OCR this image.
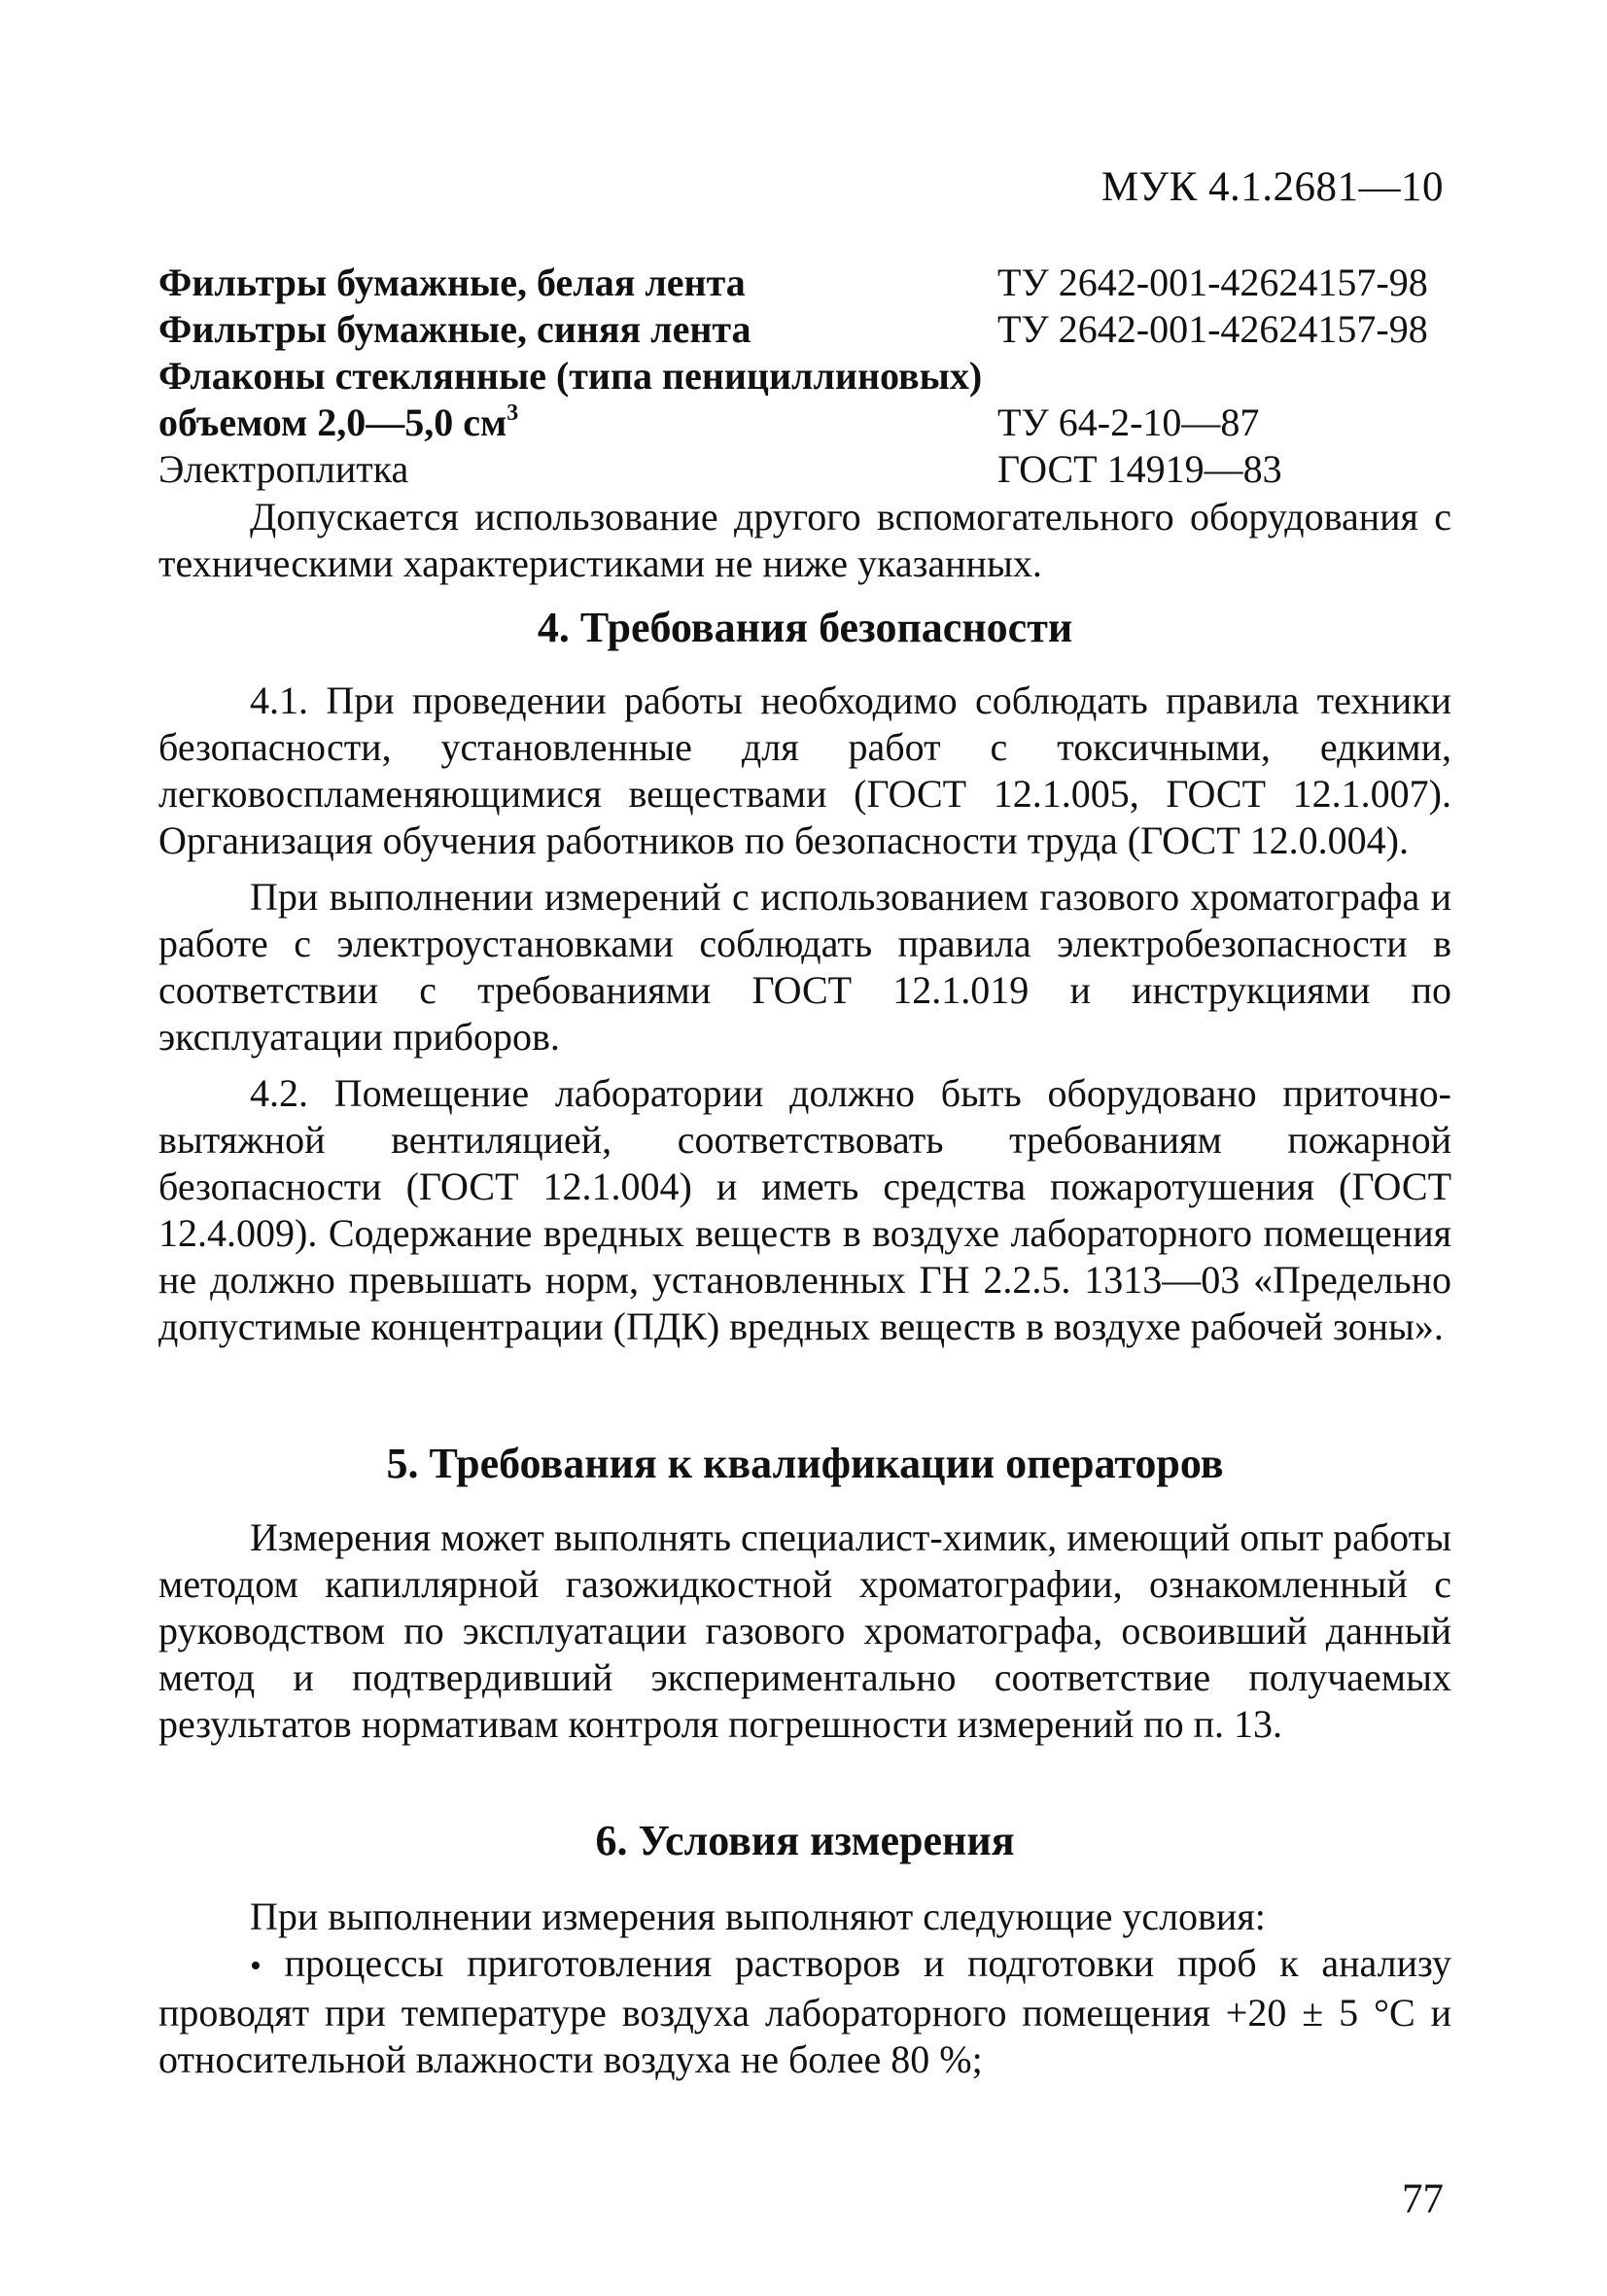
МУК 4.1.2681—10
Фильтры бумажные, белая лента	ТУ 2642-001-42624157-98
Фильтры бумажные, синяя лента	ТУ 2642-001-42624157-98
Флаконы стеклянные (типа пенициллиновых)
объемом 2,0—5,0 $см^3$	ТУ 64-2-10—87
Электроплитка	ГОСТ 14919—83

Допускается использование другого вспомогательного оборудования с техническими характеристиками не ниже указанных.

4. Требования безопасности

4.1. При проведении работы необходимо соблюдать правила техники безопасности, установленные для работ с токсичными, едкими, легковоспламеняющимися веществами (ГОСТ 12.1.005, ГОСТ 12.1.007). Организация обучения работников по безопасности труда (ГОСТ 12.0.004).

При выполнении измерений с использованием газового хроматографа и работе с электроустановками соблюдать правила электробезопасности в соответствии с требованиями ГОСТ 12.1.019 и инструкциями по эксплуатации приборов.

4.2. Помещение лаборатории должно быть оборудовано приточно-вытяжной вентиляцией, соответствовать требованиям пожарной безопасности (ГОСТ 12.1.004) и иметь средства пожаротушения (ГОСТ 12.4.009). Содержание вредных веществ в воздухе лабораторного помещения не должно превышать норм, установленных ГН 2.2.5. 1313—03 «Предельно допустимые концентрации (ПДК) вредных веществ в воздухе рабочей зоны».

5. Требования к квалификации операторов

Измерения может выполнять специалист-химик, имеющий опыт работы методом капиллярной газожидкостной хроматографии, ознакомленный с руководством по эксплуатации газового хроматографа, освоивший данный метод и подтвердивший экспериментально соответствие получаемых результатов нормативам контроля погрешности измерений по п. 13.

6. Условия измерения

При выполнении измерения выполняют следующие условия:

• процессы приготовления растворов и подготовки проб к анализу проводят при температуре воздуха лабораторного помещения +20 ± 5 °С и относительной влажности воздуха не более 80 %;

77
